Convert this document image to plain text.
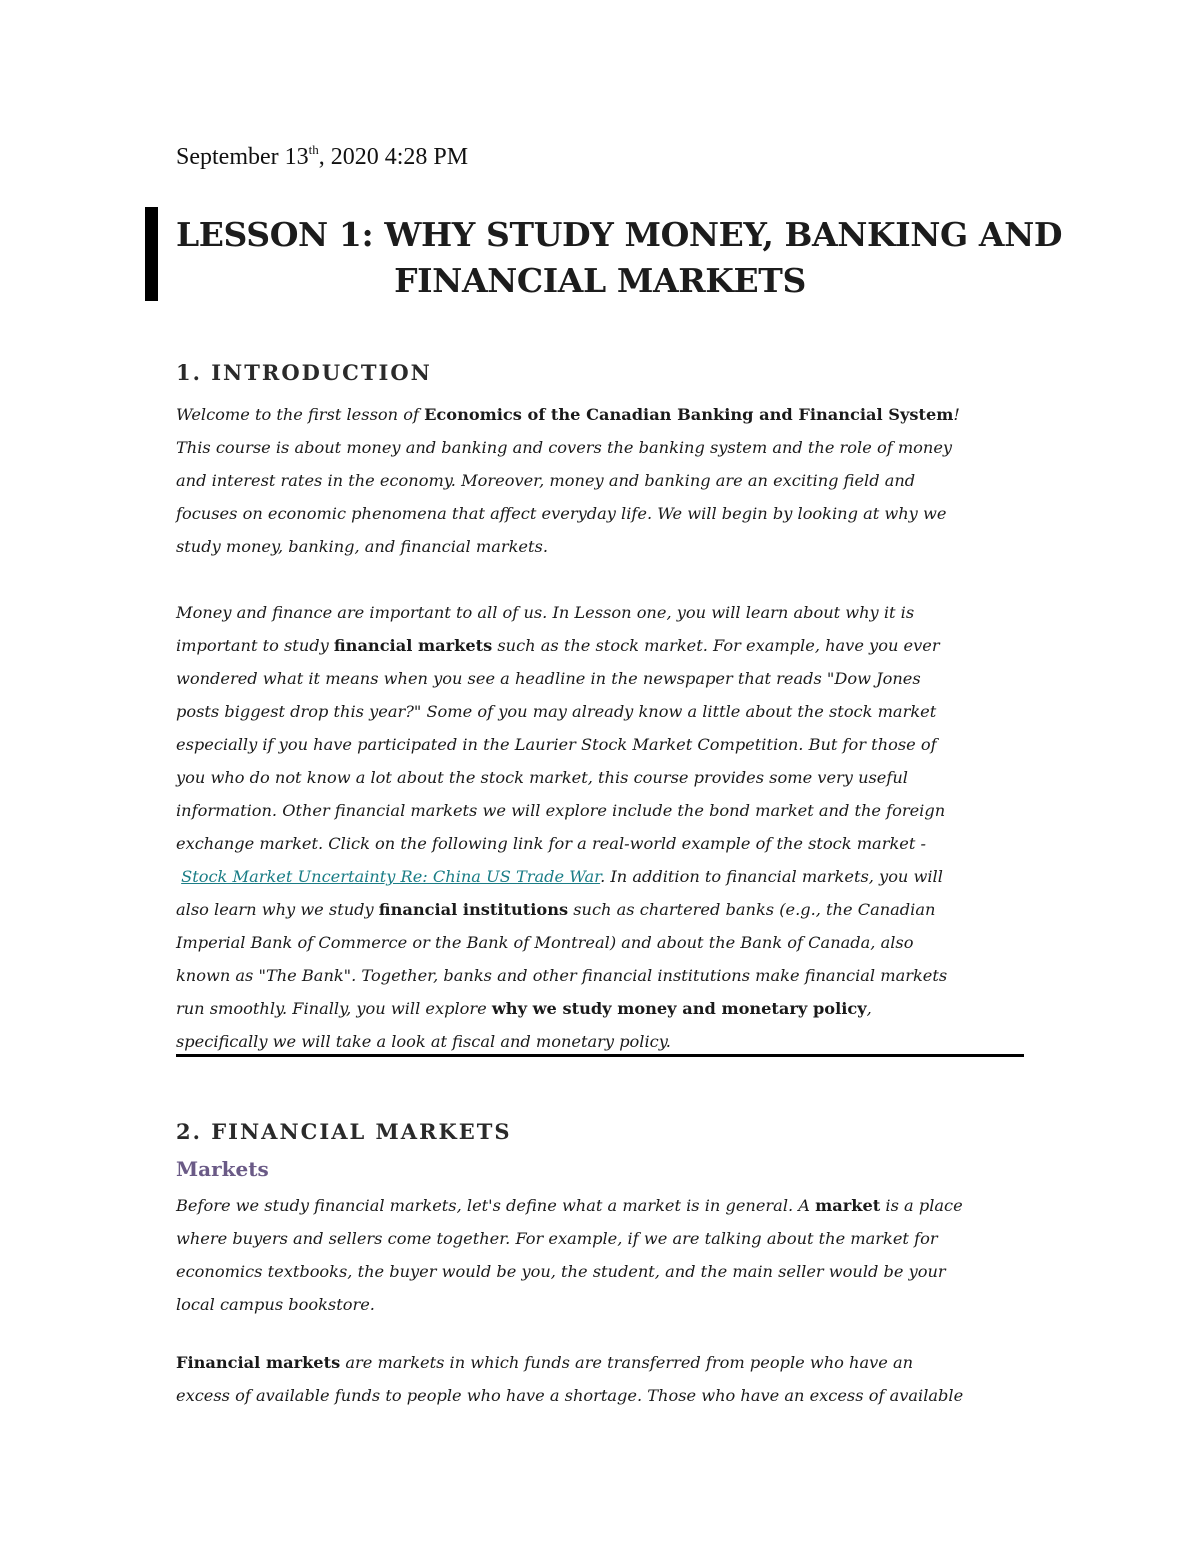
September 13th, 2020 4:28 PM
LESSON 1: WHY STUDY MONEY, BANKING AND
FINANCIAL MARKETS
1. INTRODUCTION

Welcome to the first lesson of Economics of the Canadian Banking and Financial System!
This course is about money and banking and covers the banking system and the role of money
and interest rates in the economy. Moreover, money and banking are an exciting field and
focuses on economic phenomena that affect everyday life. We will begin by looking at why we
study money, banking, and financial markets.

Money and finance are important to all of us. In Lesson one, you will learn about why it is
important to study financial markets such as the stock market. For example, have you ever
wondered what it means when you see a headline in the newspaper that reads "Dow Jones
posts biggest drop this year?" Some of you may already know a little about the stock market
especially if you have participated in the Laurier Stock Market Competition. But for those of
you who do not know a lot about the stock market, this course provides some very useful
information. Other financial markets we will explore include the bond market and the foreign
exchange market. Click on the following link for a real-world example of the stock market -
Stock Market Uncertainty Re: China US Trade War. In addition to financial markets, you will
also learn why we study financial institutions such as chartered banks (e.g., the Canadian
Imperial Bank of Commerce or the Bank of Montreal) and about the Bank of Canada, also
known as "The Bank". Together, banks and other financial institutions make financial markets
run smoothly. Finally, you will explore why we study money and monetary policy,
specifically we will take a look at fiscal and monetary policy.

2. FINANCIAL MARKETS
Markets

Before we study financial markets, let's define what a market is in general. A market is a place
where buyers and sellers come together. For example, if we are talking about the market for
economics textbooks, the buyer would be you, the student, and the main seller would be your
local campus bookstore.

Financial markets are markets in which funds are transferred from people who have an
excess of available funds to people who have a shortage. Those who have an excess of available
